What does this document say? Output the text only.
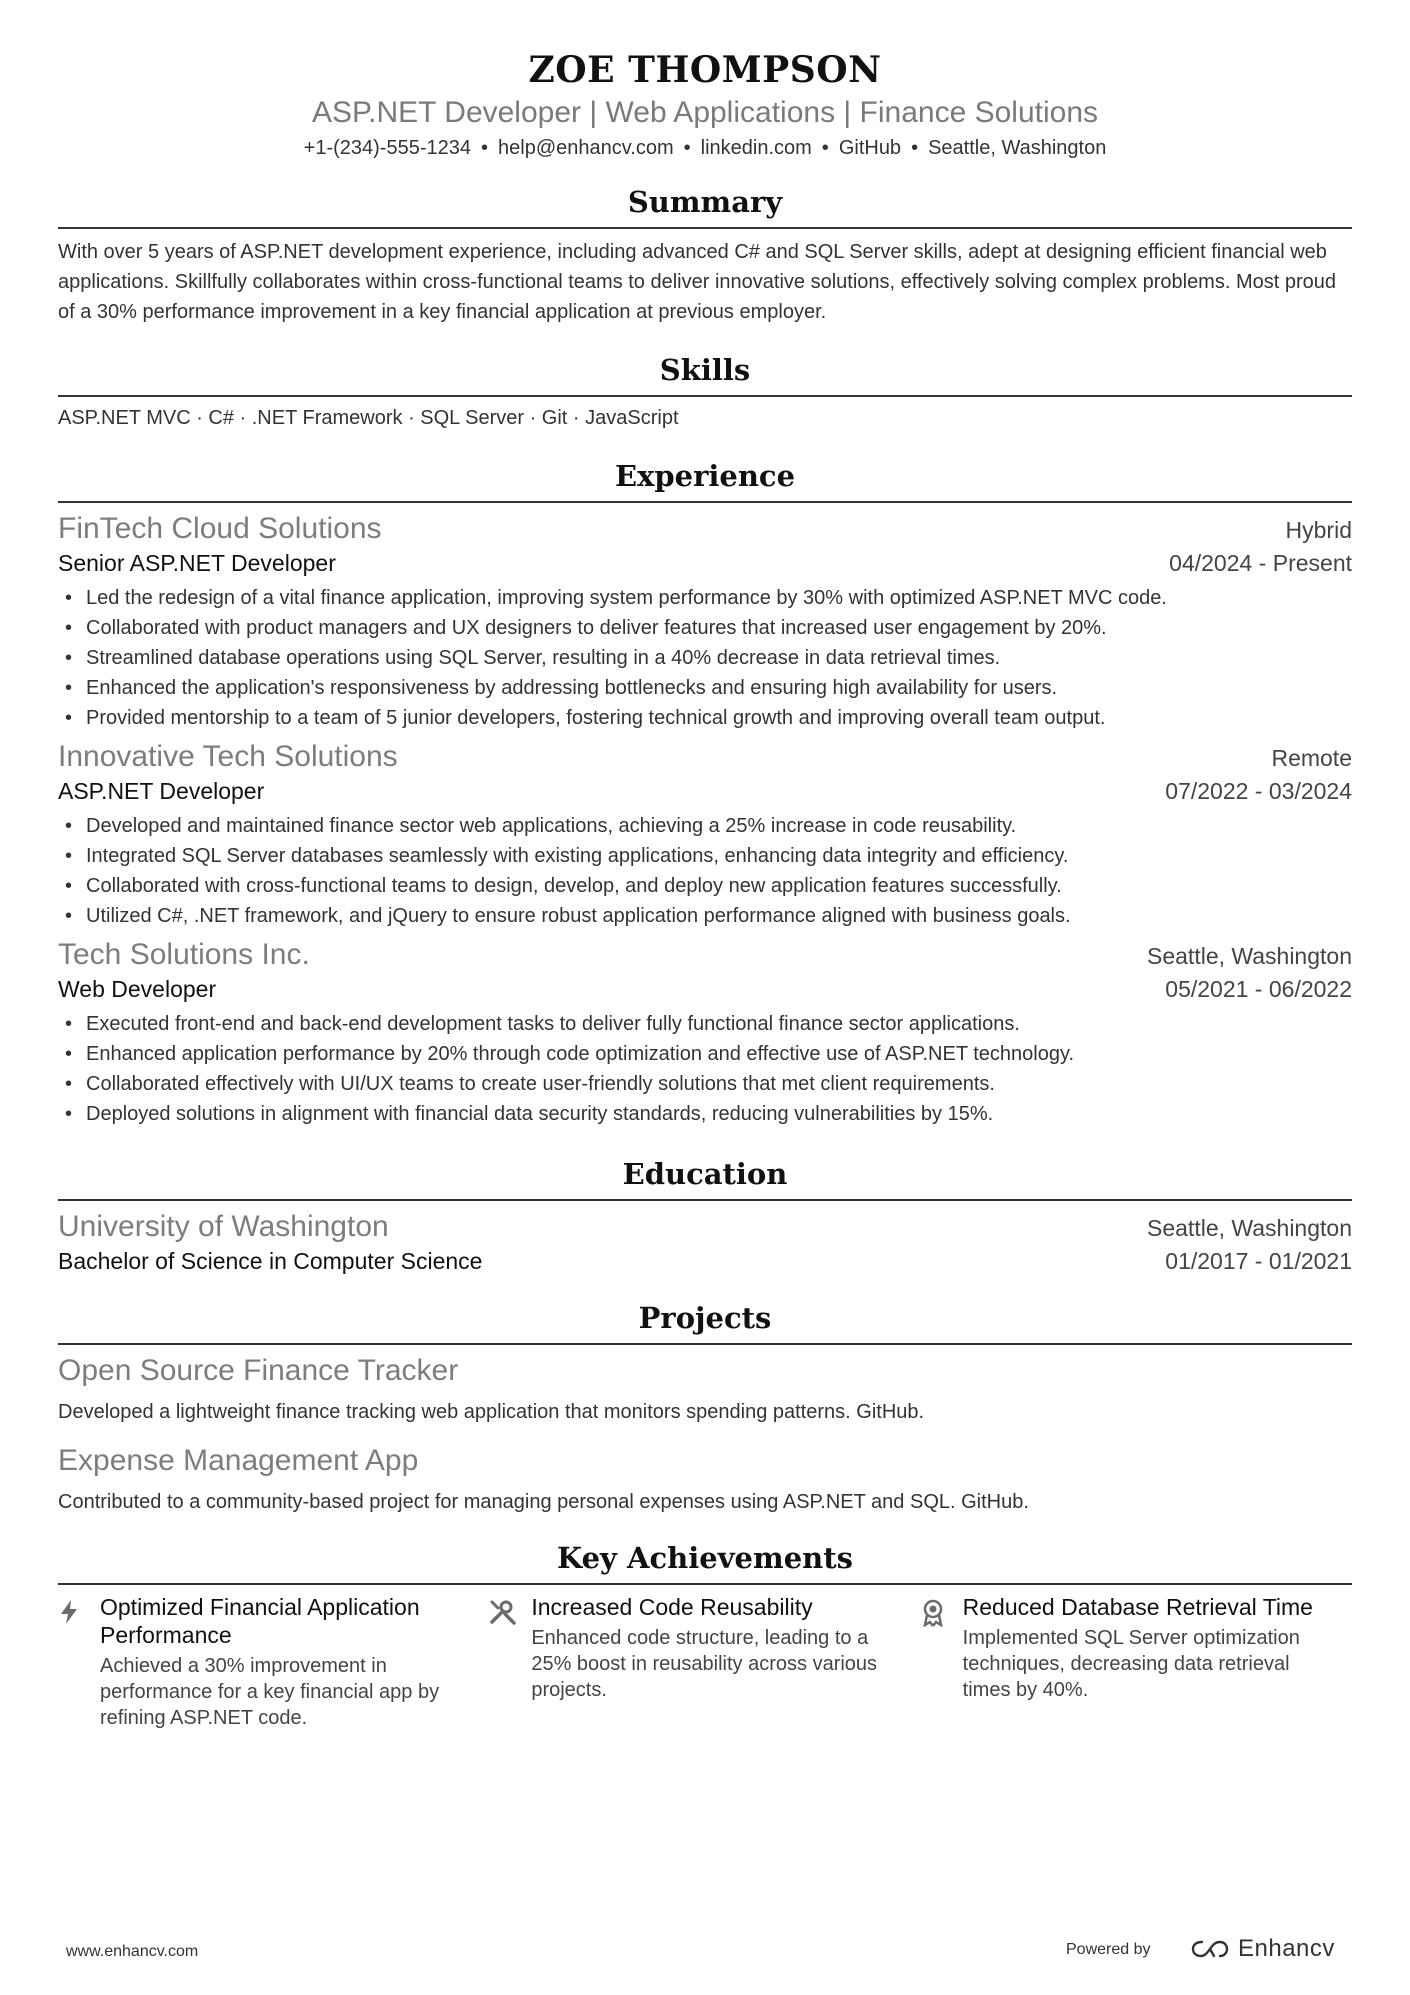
ZOE THOMPSON
ASP.NET Developer | Web Applications | Finance Solutions
+1-(234)-555-1234 • help@enhancv.com • linkedin.com • GitHub • Seattle, Washington
Summary
With over 5 years of ASP.NET development experience, including advanced C# and SQL Server skills, adept at designing efficient financial web applications. Skillfully collaborates within cross-functional teams to deliver innovative solutions, effectively solving complex problems. Most proud of a 30% performance improvement in a key financial application at previous employer.
Skills
ASP.NET MVC · C# · .NET Framework · SQL Server · Git · JavaScript
Experience
FinTech Cloud Solutions	Hybrid
Senior ASP.NET Developer	04/2024 - Present
• Led the redesign of a vital finance application, improving system performance by 30% with optimized ASP.NET MVC code.
• Collaborated with product managers and UX designers to deliver features that increased user engagement by 20%.
• Streamlined database operations using SQL Server, resulting in a 40% decrease in data retrieval times.
• Enhanced the application's responsiveness by addressing bottlenecks and ensuring high availability for users.
• Provided mentorship to a team of 5 junior developers, fostering technical growth and improving overall team output.
Innovative Tech Solutions	Remote
ASP.NET Developer	07/2022 - 03/2024
• Developed and maintained finance sector web applications, achieving a 25% increase in code reusability.
• Integrated SQL Server databases seamlessly with existing applications, enhancing data integrity and efficiency.
• Collaborated with cross-functional teams to design, develop, and deploy new application features successfully.
• Utilized C#, .NET framework, and jQuery to ensure robust application performance aligned with business goals.
Tech Solutions Inc.	Seattle, Washington
Web Developer	05/2021 - 06/2022
• Executed front-end and back-end development tasks to deliver fully functional finance sector applications.
• Enhanced application performance by 20% through code optimization and effective use of ASP.NET technology.
• Collaborated effectively with UI/UX teams to create user-friendly solutions that met client requirements.
• Deployed solutions in alignment with financial data security standards, reducing vulnerabilities by 15%.
Education
University of Washington	Seattle, Washington
Bachelor of Science in Computer Science	01/2017 - 01/2021
Projects
Open Source Finance Tracker
Developed a lightweight finance tracking web application that monitors spending patterns. GitHub.
Expense Management App
Contributed to a community-based project for managing personal expenses using ASP.NET and SQL. GitHub.
Key Achievements
Optimized Financial Application Performance
Achieved a 30% improvement in performance for a key financial app by refining ASP.NET code.
Increased Code Reusability
Enhanced code structure, leading to a 25% boost in reusability across various projects.
Reduced Database Retrieval Time
Implemented SQL Server optimization techniques, decreasing data retrieval times by 40%.
www.enhancv.com	Powered by	Enhancv
